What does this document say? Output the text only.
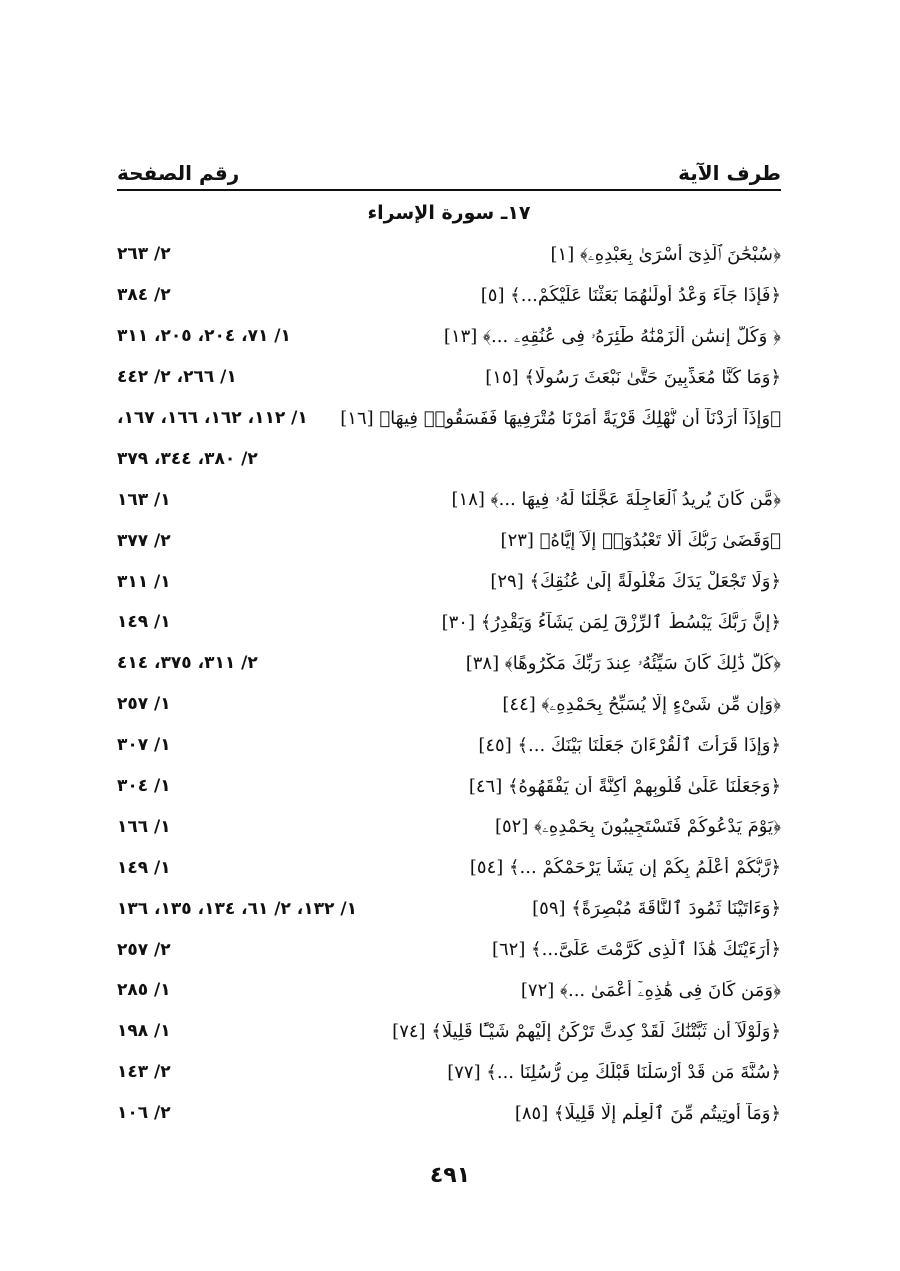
طرف الآية
رقم الصفحة
١٧ـ سورة الإسراء
﴿سُبْحَٰنَ ٱلَّذِىٓ أَسْرَىٰ بِعَبْدِهِۦ﴾ [١]
٢/ ٢٦٣
﴿فَإِذَا جَآءَ وَعْدُ أُولَىٰهُمَا بَعَثْنَا عَلَيْكُمْ...﴾ [٥]
٢/ ٣٨٤
﴿ وَكُلَّ إِنسَٰنٍ أَلْزَمْنَٰهُ طَٰٓئِرَهُۥ فِى عُنُقِهِۦ ...﴾ [١٣]
١/ ٧١، ٢٠٤، ٢٠٥، ٣١١
﴿وَمَا كُنَّا مُعَذِّبِينَ حَتَّىٰ نَبْعَثَ رَسُولًا﴾ [١٥]
١/ ٢٦٦، ٢/ ٤٤٢
﴿وَإِذَآ أَرَدْنَآ أَن نُّهْلِكَ قَرْيَةً أَمَرْنَا مُتْرَفِيهَا فَفَسَقُوا۟ فِيهَا﴾ [١٦]
١/ ١١٢، ١٦٢، ١٦٦، ١٦٧،
٢/ ٣٨٠، ٣٤٤، ٣٧٩
﴿مَّن كَانَ يُرِيدُ ٱلْعَاجِلَةَ عَجَّلْنَا لَهُۥ فِيهَا ...﴾ [١٨]
١/ ١٦٣
﴿وَقَضَىٰ رَبُّكَ أَلَّا تَعْبُدُوٓا۟ إِلَّآ إِيَّاهُ﴾ [٢٣]
٢/ ٣٧٧
﴿وَلَا تَجْعَلْ يَدَكَ مَغْلُولَةً إِلَىٰ عُنُقِكَ﴾ [٢٩]
١/ ٣١١
﴿إِنَّ رَبَّكَ يَبْسُطُ ٱلرِّزْقَ لِمَن يَشَآءُ وَيَقْدِرُ﴾ [٣٠]
١/ ١٤٩
﴿كُلُّ ذَٰلِكَ كَانَ سَيِّئُهُۥ عِندَ رَبِّكَ مَكْرُوهًا﴾ [٣٨]
٢/ ٣١١، ٣٧٥، ٤١٤
﴿وَإِن مِّن شَىْءٍ إِلَّا يُسَبِّحُ بِحَمْدِهِۦ﴾ [٤٤]
١/ ٢٥٧
﴿وَإِذَا قَرَأْتَ ٱلْقُرْءَانَ جَعَلْنَا بَيْنَكَ ...﴾ [٤٥]
١/ ٣٠٧
﴿وَجَعَلْنَا عَلَىٰ قُلُوبِهِمْ أَكِنَّةً أَن يَفْقَهُوهُ﴾ [٤٦]
١/ ٣٠٤
﴿يَوْمَ يَدْعُوكُمْ فَتَسْتَجِيبُونَ بِحَمْدِهِۦ﴾ [٥٢]
١/ ١٦٦
﴿رَّبُّكُمْ أَعْلَمُ بِكُمْ إِن يَشَأْ يَرْحَمْكُمْ ...﴾ [٥٤]
١/ ١٤٩
﴿وَءَاتَيْنَا ثَمُودَ ٱلنَّاقَةَ مُبْصِرَةً﴾ [٥٩]
١/ ١٣٢، ٢/ ٦١، ١٣٤، ١٣٥، ١٣٦
﴿أَرَءَيْتَكَ هَٰذَا ٱلَّذِى كَرَّمْتَ عَلَىَّ...﴾ [٦٢]
٢/ ٢٥٧
﴿وَمَن كَانَ فِى هَٰذِهِۦٓ أَعْمَىٰ ...﴾ [٧٢]
١/ ٢٨٥
﴿وَلَوْلَآ أَن ثَبَّتْنَٰكَ لَقَدْ كِدتَّ تَرْكَنُ إِلَيْهِمْ شَيْـًٔا قَلِيلًا﴾ [٧٤]
١/ ١٩٨
﴿سُنَّةَ مَن قَدْ أَرْسَلْنَا قَبْلَكَ مِن رُّسُلِنَا ...﴾ [٧٧]
٢/ ١٤٣
﴿وَمَآ أُوتِيتُم مِّنَ ٱلْعِلْمِ إِلَّا قَلِيلًا﴾ [٨٥]
٢/ ١٠٦
٤٩١
